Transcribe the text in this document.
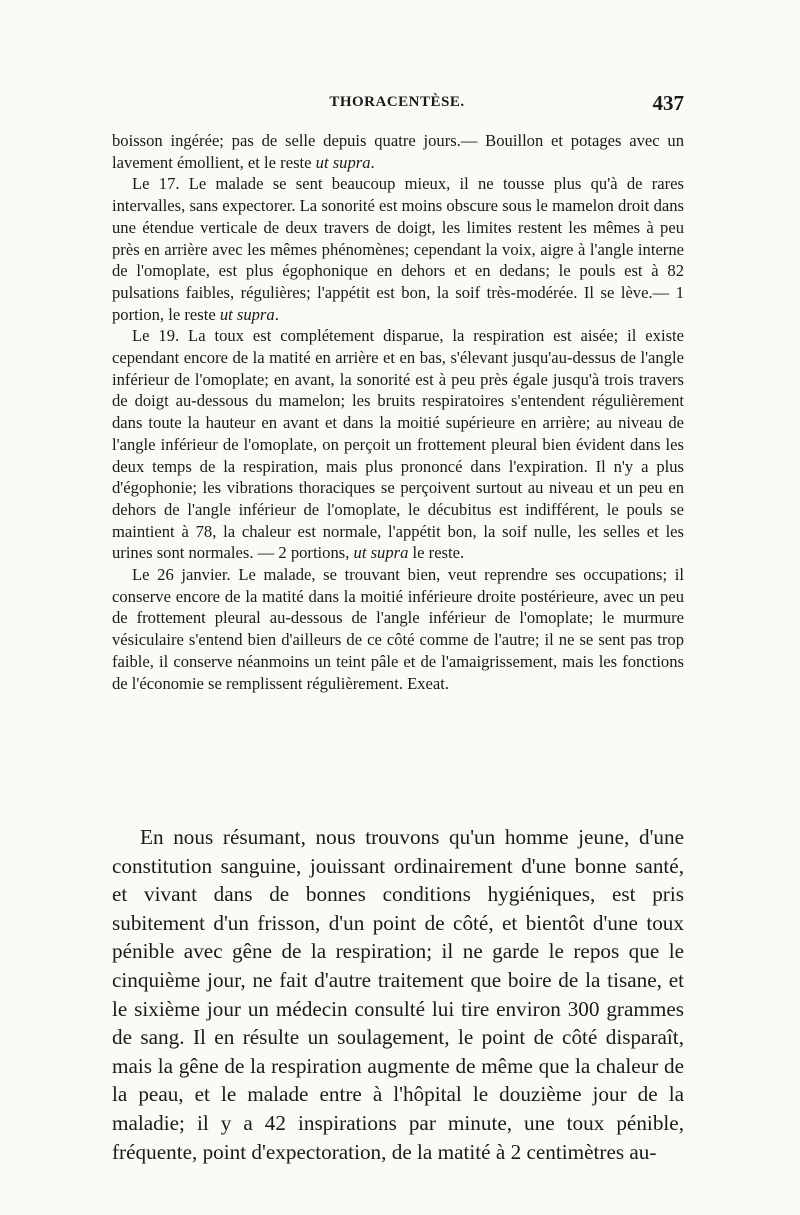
THORACENTÈSE.	437

boisson ingérée; pas de selle depuis quatre jours.— Bouillon et potages avec un lavement émollient, et le reste ut supra.

Le 17. Le malade se sent beaucoup mieux, il ne tousse plus qu'à de rares intervalles, sans expectorer. La sonorité est moins obscure sous le mamelon droit dans une étendue verticale de deux travers de doigt, les limites restent les mêmes à peu près en arrière avec les mêmes phénomènes; cependant la voix, aigre à l'angle interne de l'omoplate, est plus égophonique en dehors et en dedans; le pouls est à 82 pulsations faibles, régulières; l'appétit est bon, la soif très-modérée. Il se lève.— 1 portion, le reste ut supra.

Le 19. La toux est complétement disparue, la respiration est aisée; il existe cependant encore de la matité en arrière et en bas, s'élevant jusqu'au-dessus de l'angle inférieur de l'omoplate; en avant, la sonorité est à peu près égale jusqu'à trois travers de doigt au-dessous du mamelon; les bruits respiratoires s'entendent régulièrement dans toute la hauteur en avant et dans la moitié supérieure en arrière; au niveau de l'angle inférieur de l'omoplate, on perçoit un frottement pleural bien évident dans les deux temps de la respiration, mais plus prononcé dans l'expiration. Il n'y a plus d'égophonie; les vibrations thoraciques se perçoivent surtout au niveau et un peu en dehors de l'angle inférieur de l'omoplate, le décubitus est indifférent, le pouls se maintient à 78, la chaleur est normale, l'appétit bon, la soif nulle, les selles et les urines sont normales. — 2 portions, ut supra le reste.

Le 26 janvier. Le malade, se trouvant bien, veut reprendre ses occupations; il conserve encore de la matité dans la moitié inférieure droite postérieure, avec un peu de frottement pleural au-dessous de l'angle inférieur de l'omoplate; le murmure vésiculaire s'entend bien d'ailleurs de ce côté comme de l'autre; il ne se sent pas trop faible, il conserve néanmoins un teint pâle et de l'amaigrissement, mais les fonctions de l'économie se remplissent régulièrement. Exeat.

En nous résumant, nous trouvons qu'un homme jeune, d'une constitution sanguine, jouissant ordinairement d'une bonne santé, et vivant dans de bonnes conditions hygiéniques, est pris subitement d'un frisson, d'un point de côté, et bientôt d'une toux pénible avec gêne de la respiration; il ne garde le repos que le cinquième jour, ne fait d'autre traitement que boire de la tisane, et le sixième jour un médecin consulté lui tire environ 300 grammes de sang. Il en résulte un soulagement, le point de côté disparaît, mais la gêne de la respiration augmente de même que la chaleur de la peau, et le malade entre à l'hôpital le douzième jour de la maladie; il y a 42 inspirations par minute, une toux pénible, fréquente, point d'expectoration, de la matité à 2 centimètres au-
